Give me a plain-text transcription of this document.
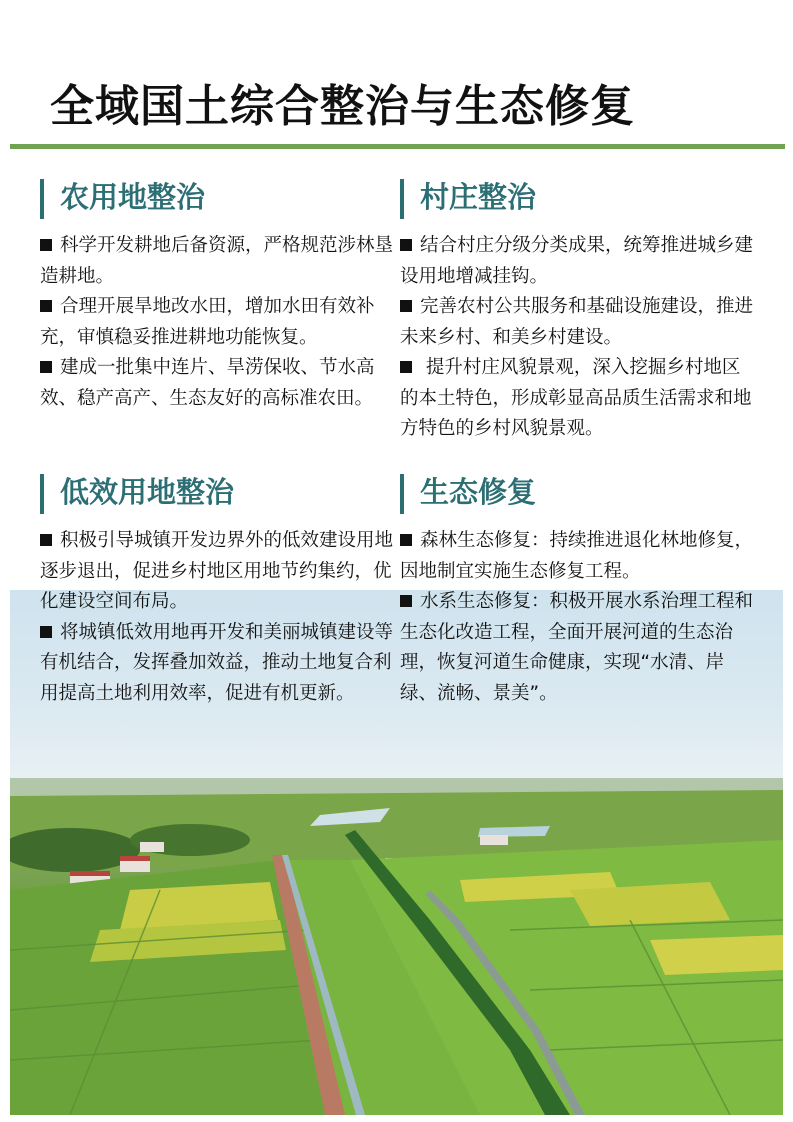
全域国土综合整治与生态修复
农用地整治

科学开发耕地后备资源，严格规范涉林垦造耕地。

合理开展旱地改水田，增加水田有效补充，审慎稳妥推进耕地功能恢复。

建成一批集中连片、旱涝保收、节水高效、稳产高产、生态友好的高标准农田。

村庄整治

结合村庄分级分类成果，统筹推进城乡建设用地增减挂钩。

完善农村公共服务和基础设施建设，推进未来乡村、和美乡村建设。

提升村庄风貌景观，深入挖掘乡村地区的本土特色，形成彰显高品质生活需求和地方特色的乡村风貌景观。

低效用地整治

积极引导城镇开发边界外的低效建设用地逐步退出，促进乡村地区用地节约集约，优化建设空间布局。

将城镇低效用地再开发和美丽城镇建设等有机结合，发挥叠加效益，推动土地复合利用提高土地利用效率，促进有机更新。

生态修复

森林生态修复：持续推进退化林地修复，因地制宜实施生态修复工程。

水系生态修复：积极开展水系治理工程和生态化改造工程，全面开展河道的生态治理，恢复河道生命健康，实现“水清、岸绿、流畅、景美”。
